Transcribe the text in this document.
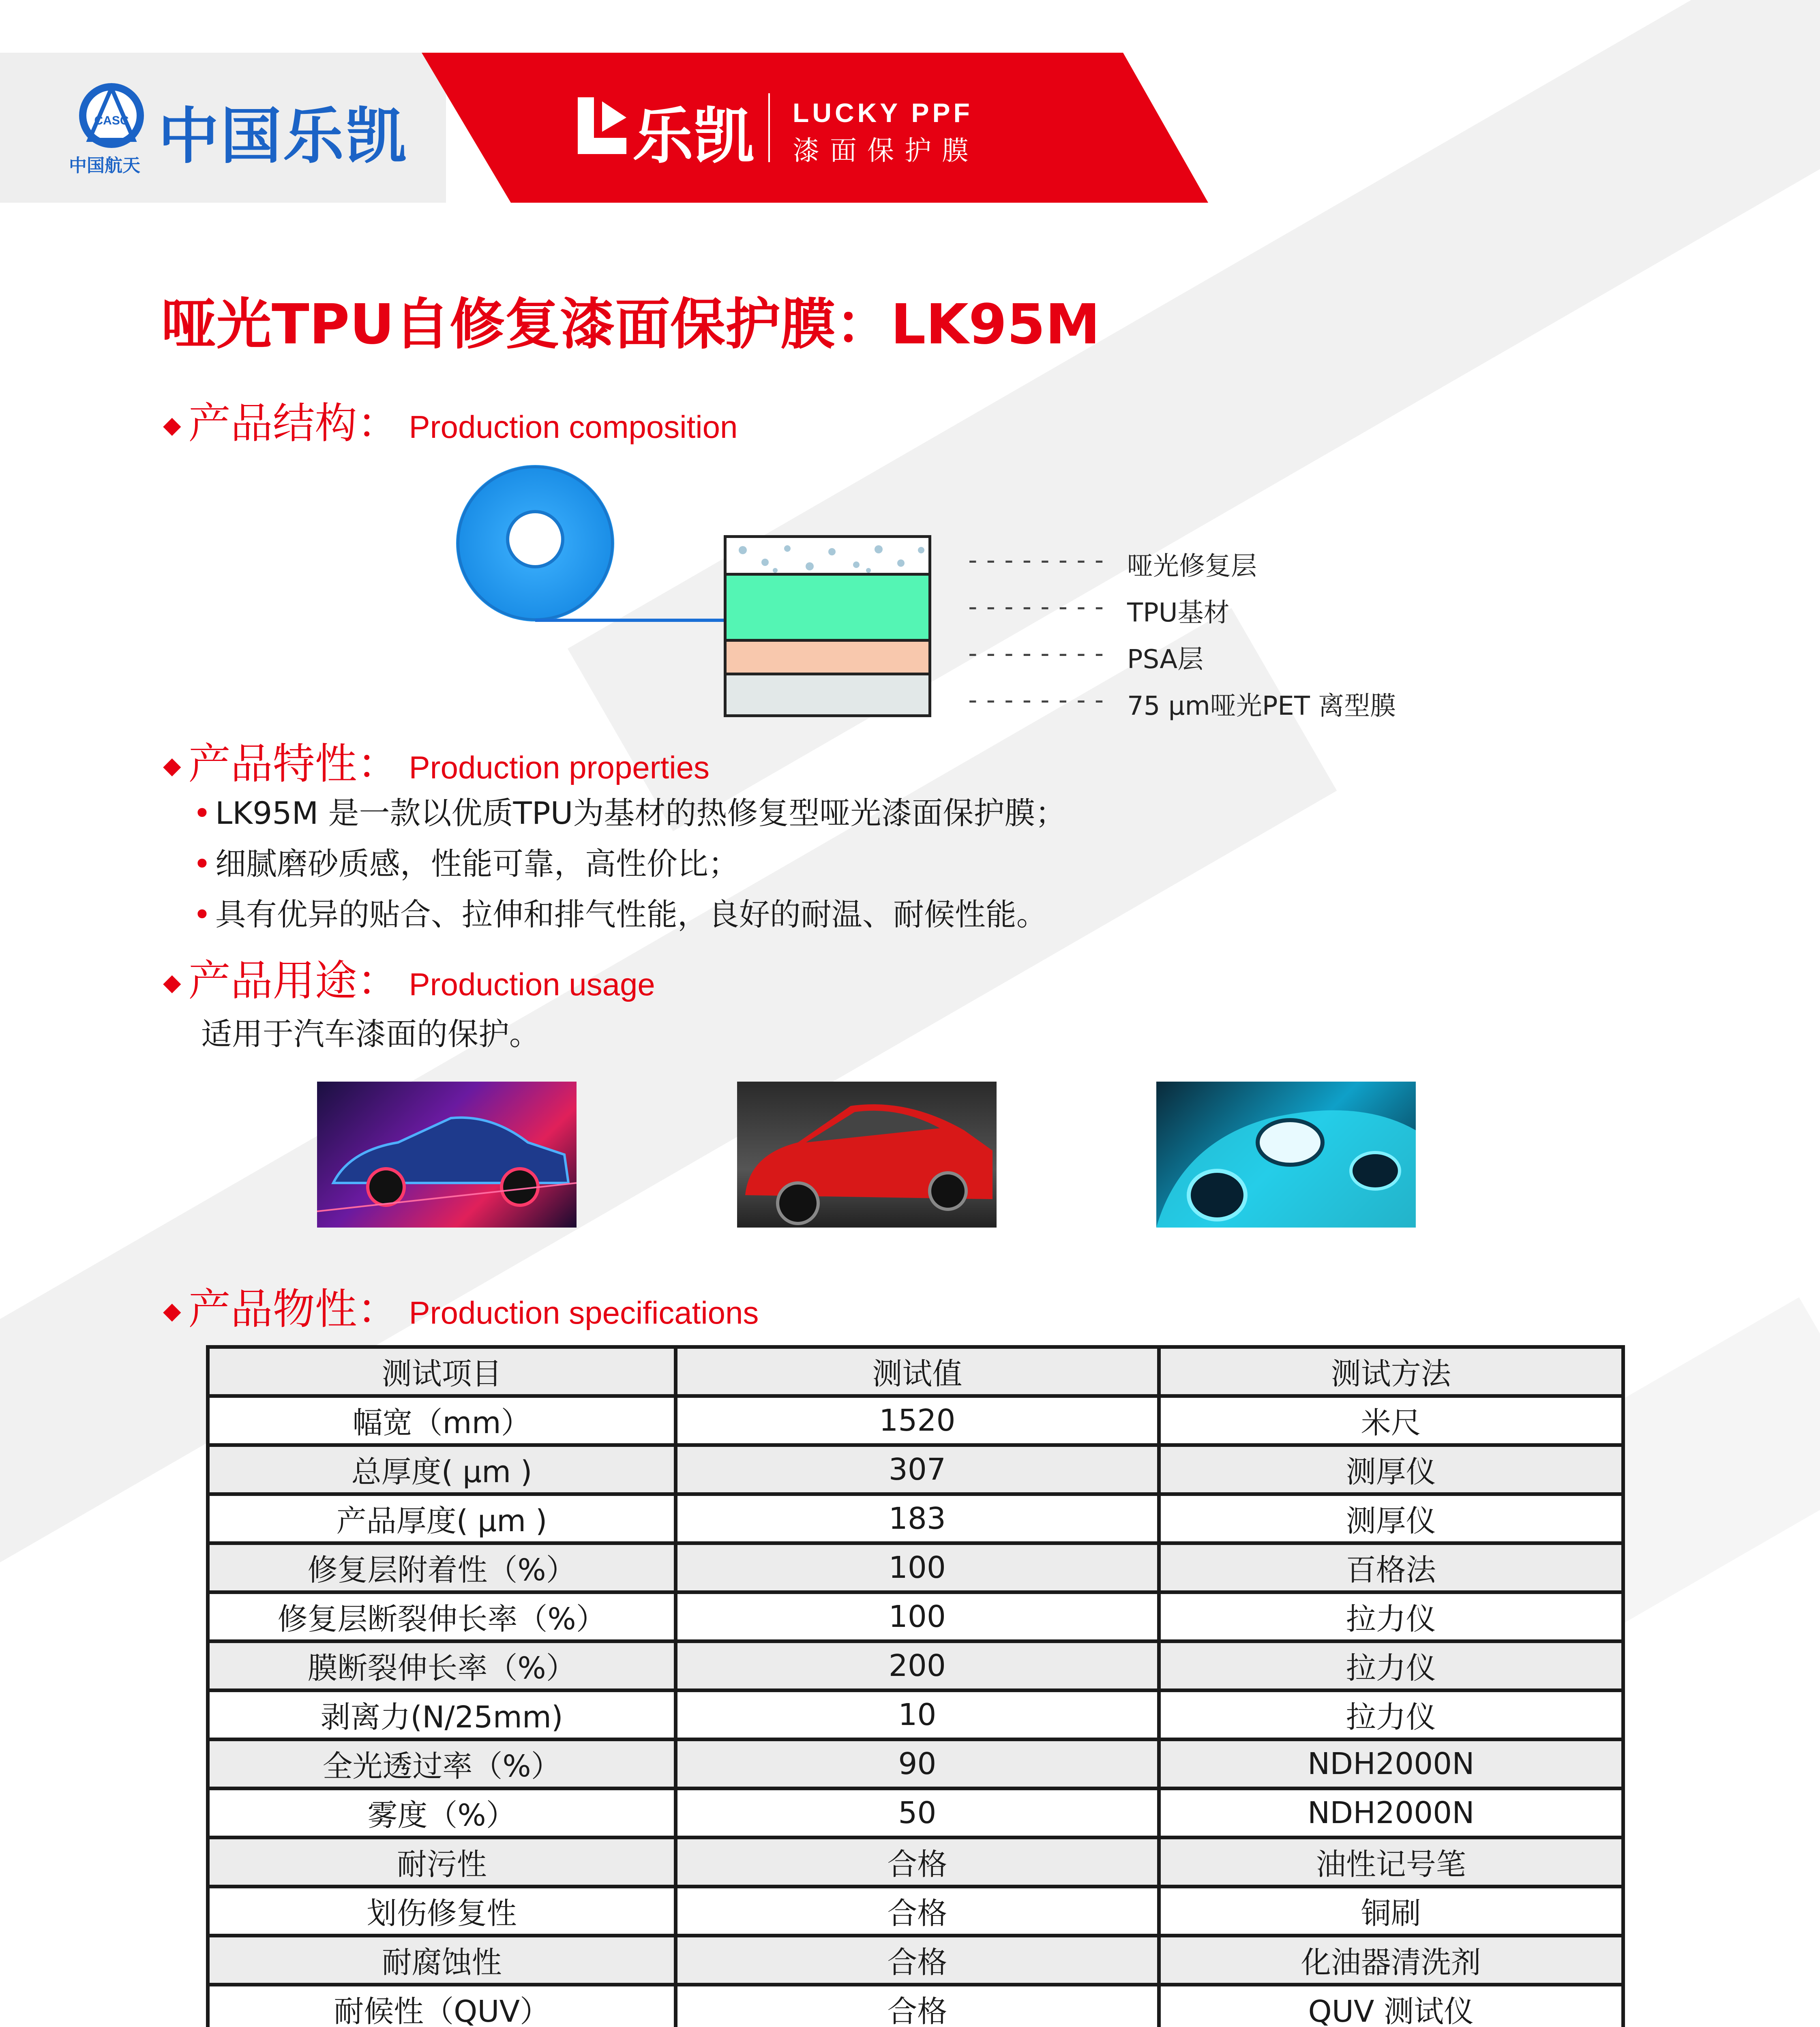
CASC 中国乐凯
中国航天	乐凯 LUCKY PPF
漆面保护膜
哑光TPU自修复漆面保护膜：LK95M
◆ 产品结构： Production composition
-------- 哑光修复层
-------- TPU基材
-------- PSA层
-------- 75 µm哑光PET 离型膜
◆ 产品特性： Production properties
• LK95M 是一款以优质TPU为基材的热修复型哑光漆面保护膜；
• 细腻磨砂质感，性能可靠，高性价比；
• 具有优异的贴合、拉伸和排气性能，良好的耐温、耐候性能。
◆ 产品用途： Production usage
适用于汽车漆面的保护。
◆ 产品物性： Production specifications
测试项目	测试值	测试方法
幅宽（mm）	1520	米尺
总厚度( µm )	307	测厚仪
产品厚度( µm )	183	测厚仪
修复层附着性（%）	100	百格法
修复层断裂伸长率（%）	100	拉力仪
膜断裂伸长率（%）	200	拉力仪
剥离力(N/25mm)	10	拉力仪
全光透过率（%）	90	NDH2000N
雾度（%）	50	NDH2000N
耐污性	合格	油性记号笔
划伤修复性	合格	铜刷
耐腐蚀性	合格	化油器清洗剂
耐候性（QUV）	合格	QUV 测试仪
